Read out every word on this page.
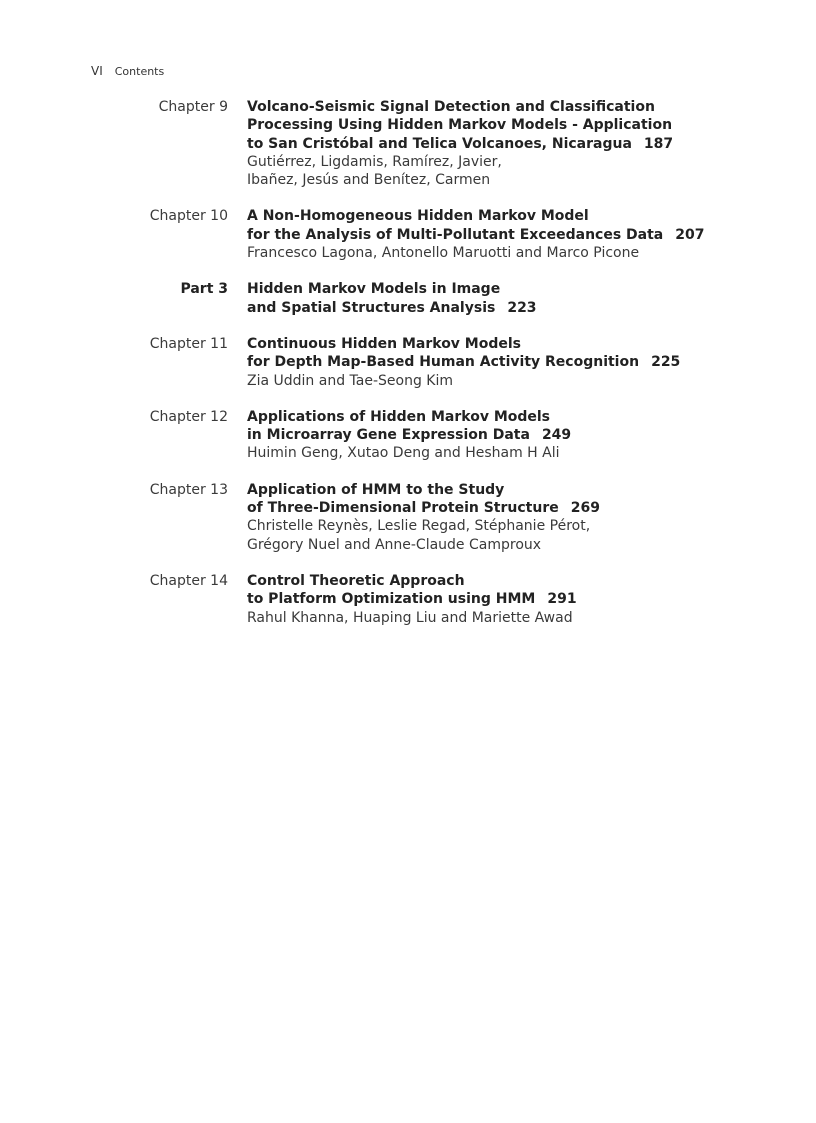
VI Contents
Chapter 9	Volcano-Seismic Signal Detection and Classification
Processing Using Hidden Markov Models - Application
to San Cristóbal and Telica Volcanoes, Nicaragua 187
Gutiérrez, Ligdamis, Ramírez, Javier,
Ibañez, Jesús and Benítez, Carmen
Chapter 10	A Non-Homogeneous Hidden Markov Model
for the Analysis of Multi-Pollutant Exceedances Data 207
Francesco Lagona, Antonello Maruotti and Marco Picone
Part 3	Hidden Markov Models in Image
and Spatial Structures Analysis 223
Chapter 11	Continuous Hidden Markov Models
for Depth Map-Based Human Activity Recognition 225
Zia Uddin and Tae-Seong Kim
Chapter 12	Applications of Hidden Markov Models
in Microarray Gene Expression Data 249
Huimin Geng, Xutao Deng and Hesham H Ali
Chapter 13	Application of HMM to the Study
of Three-Dimensional Protein Structure 269
Christelle Reynès, Leslie Regad, Stéphanie Pérot,
Grégory Nuel and Anne-Claude Camproux
Chapter 14	Control Theoretic Approach
to Platform Optimization using HMM 291
Rahul Khanna, Huaping Liu and Mariette Awad
